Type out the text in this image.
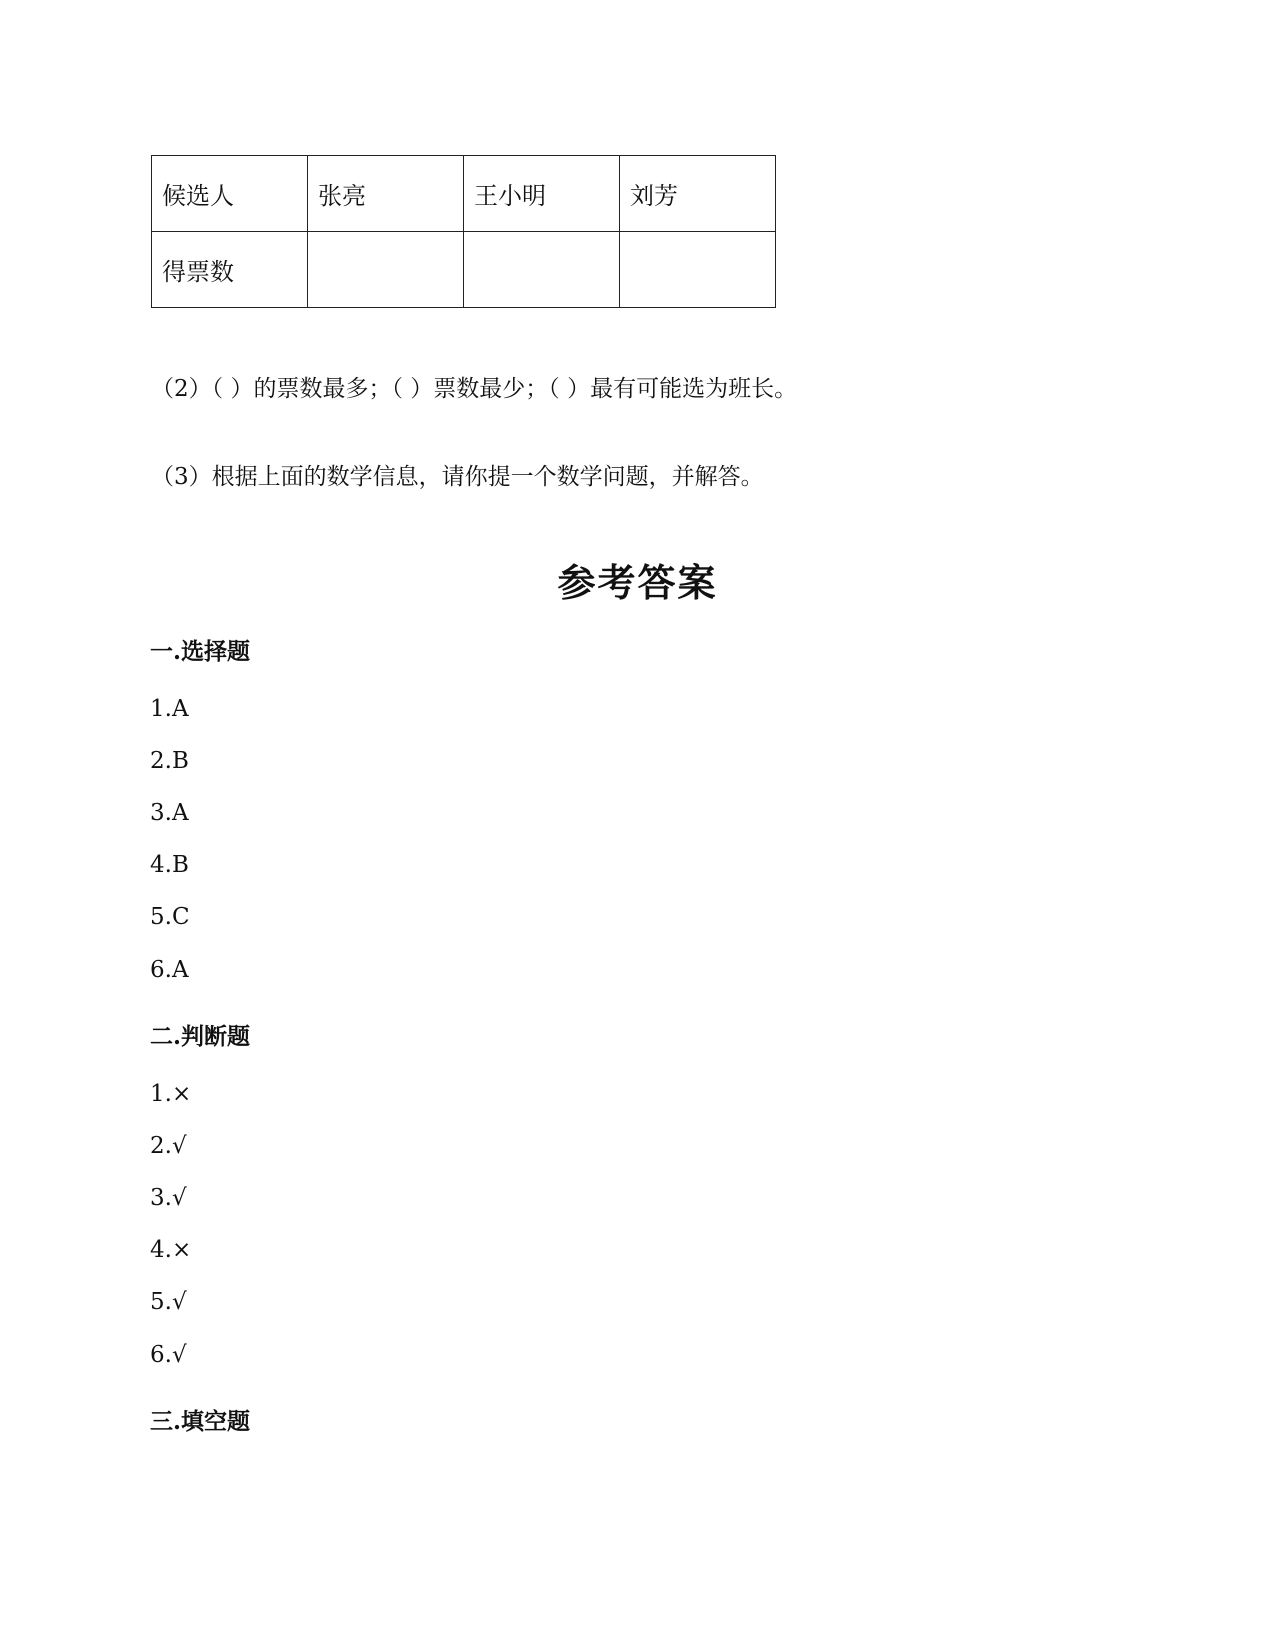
候选人	张亮	王小明	刘芳
得票数			
（2）（ ）的票数最多；（ ）票数最少；（ ）最有可能选为班长。
（3）根据上面的数学信息，请你提一个数学问题，并解答。
参考答案
一.选择题
1.A
2.B
3.A
4.B
5.C
6.A
二.判断题
1.×
2.√
3.√
4.×
5.√
6.√
三.填空题
